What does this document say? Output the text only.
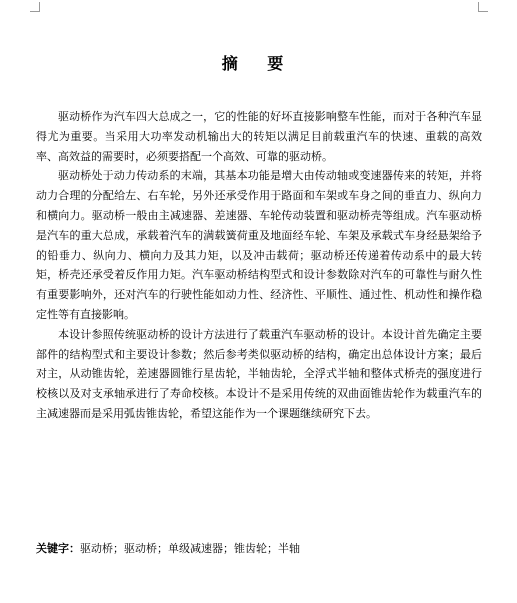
摘 要

驱动桥作为汽车四大总成之一，它的性能的好坏直接影响整车性能，而对于各种汽车显得尤为重要。当采用大功率发动机输出大的转矩以满足目前载重汽车的快速、重载的高效率、高效益的需要时，必须要搭配一个高效、可靠的驱动桥。

驱动桥处于动力传动系的末端，其基本功能是增大由传动轴或变速器传来的转矩，并将动力合理的分配给左、右车轮，另外还承受作用于路面和车架或车身之间的垂直力、纵向力和横向力。驱动桥一般由主减速器、差速器、车轮传动装置和驱动桥壳等组成。汽车驱动桥是汽车的重大总成，承载着汽车的满载簧荷重及地面经车轮、车架及承载式车身经悬架给予的铅垂力、纵向力、横向力及其力矩，以及冲击载荷；驱动桥还传递着传动系中的最大转矩，桥壳还承受着反作用力矩。汽车驱动桥结构型式和设计参数除对汽车的可靠性与耐久性有重要影响外，还对汽车的行驶性能如动力性、经济性、平顺性、通过性、机动性和操作稳定性等有直接影响。

本设计参照传统驱动桥的设计方法进行了载重汽车驱动桥的设计。本设计首先确定主要部件的结构型式和主要设计参数；然后参考类似驱动桥的结构，确定出总体设计方案；最后对主，从动锥齿轮，差速器圆锥行星齿轮，半轴齿轮，全浮式半轴和整体式桥壳的强度进行校核以及对支承轴承进行了寿命校核。本设计不是采用传统的双曲面锥齿轮作为载重汽车的主减速器而是采用弧齿锥齿轮，希望这能作为一个课题继续研究下去。

关键字：驱动桥；驱动桥；单级减速器；锥齿轮；半轴
